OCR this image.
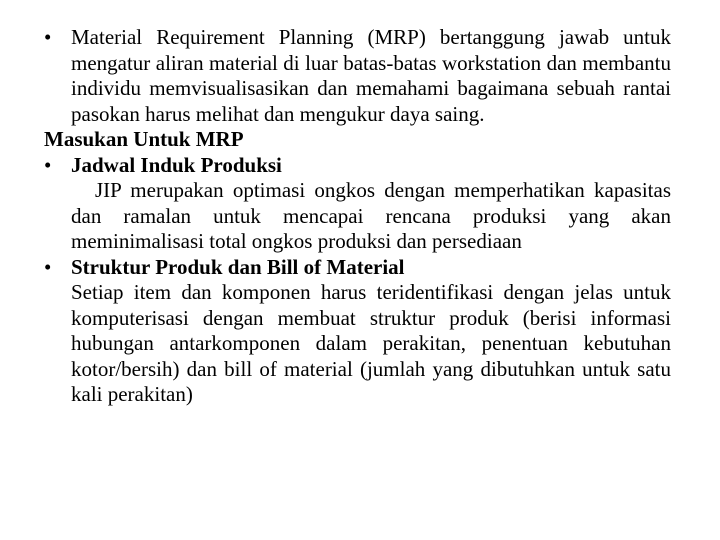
• Material Requirement Planning (MRP) bertanggung jawab untuk mengatur aliran material di luar batas-batas workstation dan membantu individu memvisualisasikan dan memahami bagaimana sebuah rantai pasokan harus melihat dan mengukur daya saing.
Masukan Untuk MRP
• Jadwal Induk Produksi
JIP merupakan optimasi ongkos dengan memperhatikan kapasitas dan ramalan untuk mencapai rencana produksi yang akan meminimalisasi total ongkos produksi dan persediaan
• Struktur Produk dan Bill of Material
Setiap item dan komponen harus teridentifikasi dengan jelas untuk komputerisasi dengan membuat struktur produk (berisi informasi hubungan antarkomponen dalam perakitan, penentuan kebutuhan kotor/bersih) dan bill of material (jumlah yang dibutuhkan untuk satu kali perakitan)
